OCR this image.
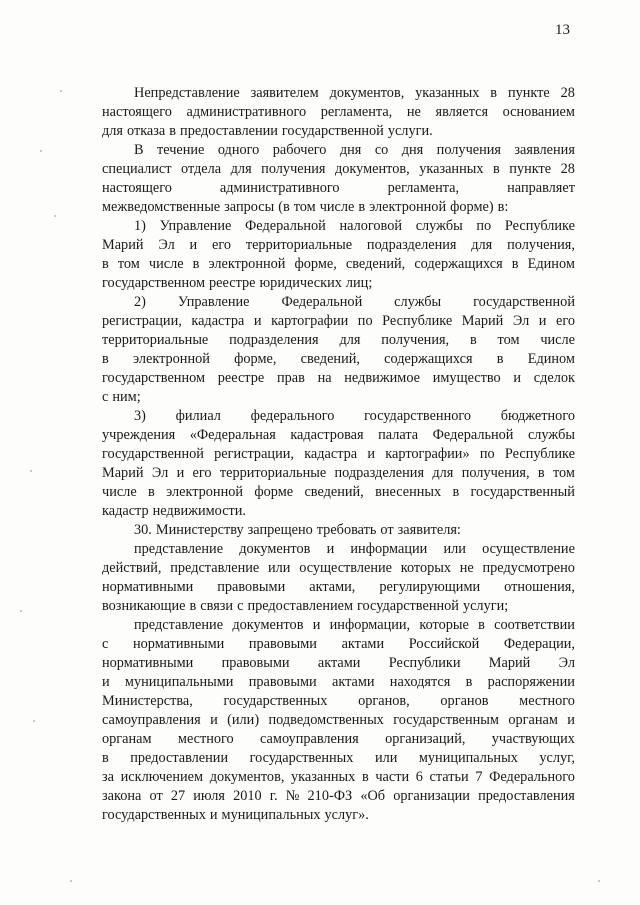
13
Непредставление заявителем документов, указанных в пункте 28
настоящего административного регламента, не является основанием
для отказа в предоставлении государственной услуги.
В течение одного рабочего дня со дня получения заявления
специалист отдела для получения документов, указанных в пункте 28
настоящего	административного	регламента,	направляет
межведомственные запросы (в том числе в электронной форме) в:
1) Управление Федеральной налоговой службы по Республике
Марий Эл и его территориальные подразделения для получения,
в том числе в электронной форме, сведений, содержащихся в Едином
государственном реестре юридических лиц;
2) Управление Федеральной службы государственной
регистрации, кадастра и картографии по Республике Марий Эл и его
территориальные подразделения для получения, в том числе
в электронной форме, сведений, содержащихся в Едином
государственном реестре прав на недвижимое имущество и сделок
с ним;
3) филиал федерального государственного бюджетного
учреждения «Федеральная кадастровая палата Федеральной службы
государственной регистрации, кадастра и картографии» по Республике
Марий Эл и его территориальные подразделения для получения, в том
числе в электронной форме сведений, внесенных в государственный
кадастр недвижимости.
30. Министерству запрещено требовать от заявителя:
представление документов и информации или осуществление
действий, представление или осуществление которых не предусмотрено
нормативными правовыми актами, регулирующими отношения,
возникающие в связи с предоставлением государственной услуги;
представление документов и информации, которые в соответствии
с нормативными правовыми актами Российской Федерации,
нормативными правовыми актами Республики Марий Эл
и муниципальными правовыми актами находятся в распоряжении
Министерства, государственных органов, органов местного
самоуправления и (или) подведомственных государственным органам и
органам местного самоуправления организаций, участвующих
в предоставлении государственных или муниципальных услуг,
за исключением документов, указанных в части 6 статьи 7 Федерального
закона от 27 июля 2010 г. № 210-ФЗ «Об организации предоставления
государственных и муниципальных услуг».
